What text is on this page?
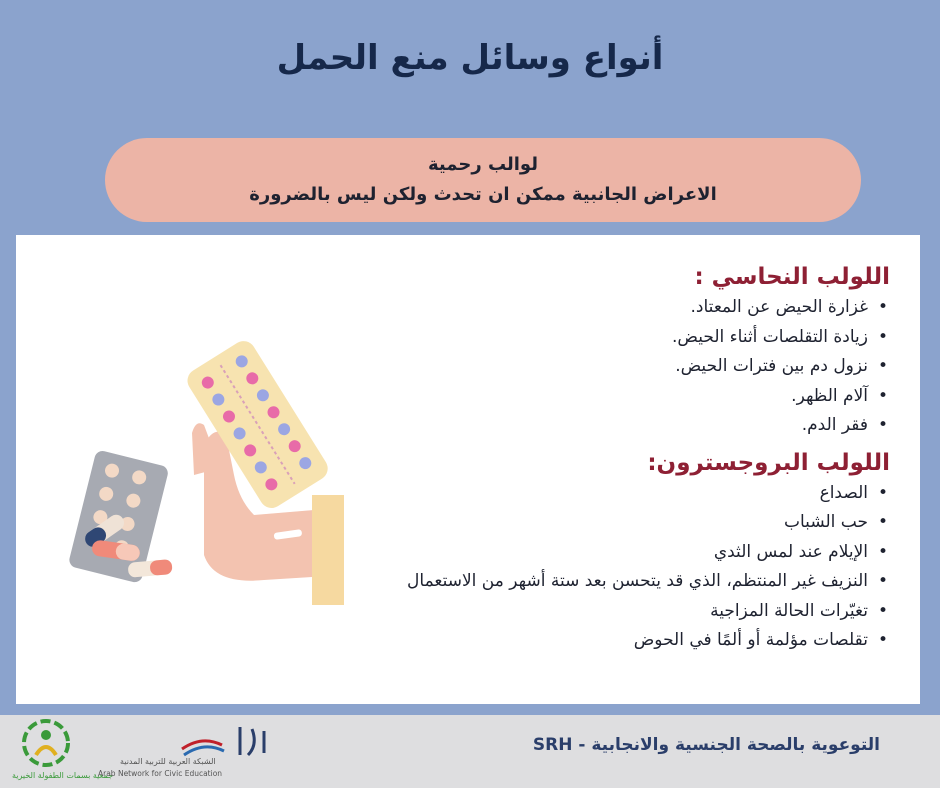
أنواع وسائل منع الحمل
لوالب رحمية
الاعراض الجانبية ممكن ان تحدث ولكن ليس بالضرورة
اللولب النحاسي :
• غزارة الحيض عن المعتاد.
• زيادة التقلصات أثناء الحيض.
• نزول دم بين فترات الحيض.
• آلام الظهر.
• فقر الدم.
اللولب البروجسترون:
• الصداع
• حب الشباب
• الإيلام عند لمس الثدي
• النزيف غير المنتظم، الذي قد يتحسن بعد ستة أشهر من الاستعمال
• تغيّرات الحالة المزاجية
• تقلصات مؤلمة أو ألمًا في الحوض
جمعية بسمات الطفولة الخيرية
الشبكة العربية للتربية المدنية
Arab Network for Civic Education
التوعوية بالصحة الجنسية والانجابية - SRH
